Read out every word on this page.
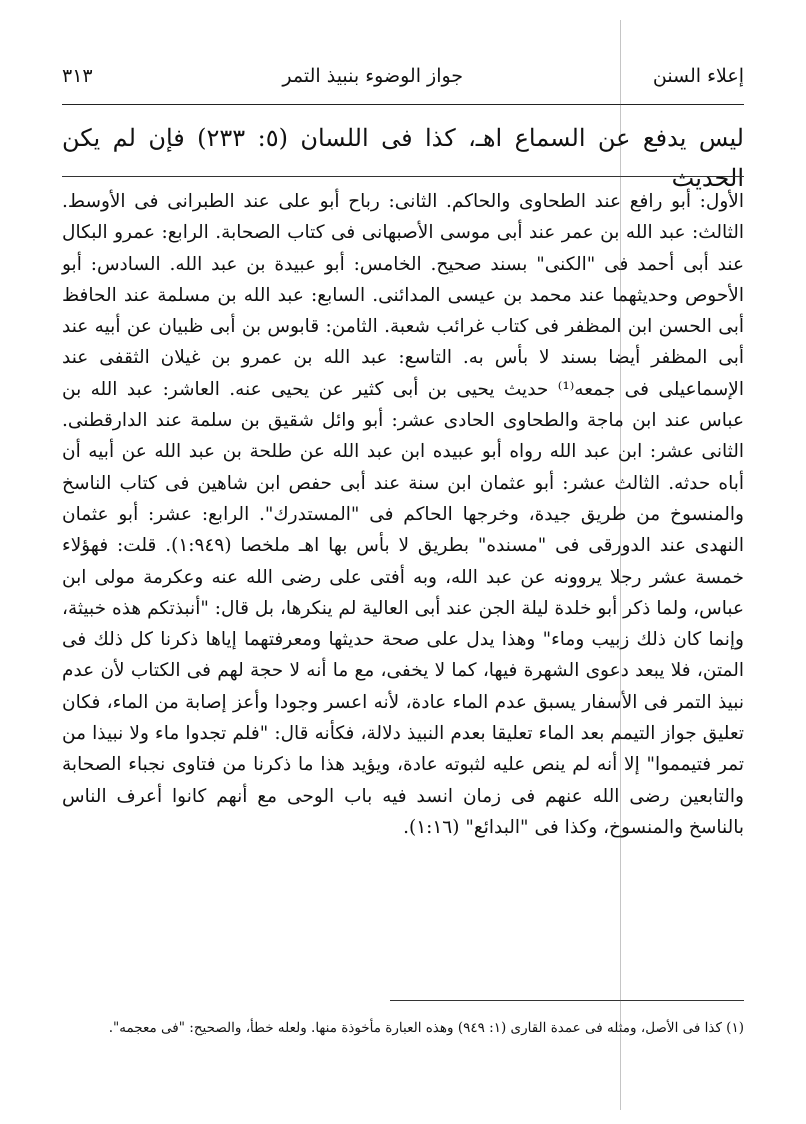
إعلاء السنن
جواز الوضوء بنبيذ التمر
٣١٣
ليس يدفع عن السماع اهـ، كذا فى اللسان (٥: ٢٣٣) فإن لم يكن الحديث

الأول: أبو رافع عند الطحاوى والحاكم. الثانى: رباح أبو على عند الطبرانى فى الأوسط. الثالث: عبد الله بن عمر عند أبى موسى الأصبهانى فى كتاب الصحابة. الرابع: عمرو البكال عند أبى أحمد فى "الكنى" بسند صحيح. الخامس: أبو عبيدة بن عبد الله. السادس: أبو الأحوص وحديثهما عند محمد بن عيسى المدائنى. السابع: عبد الله بن مسلمة عند الحافظ أبى الحسن ابن المظفر فى كتاب غرائب شعبة. الثامن: قابوس بن أبى ظبيان عن أبيه عند أبى المظفر أيضا بسند لا بأس به. التاسع: عبد الله بن عمرو بن غيلان الثقفى عند الإسماعيلى فى جمعه⁽¹⁾ حديث يحيى بن أبى كثير عن يحيى عنه. العاشر: عبد الله بن عباس عند ابن ماجة والطحاوى الحادى عشر: أبو وائل شقيق بن سلمة عند الدارقطنى. الثانى عشر: ابن عبد الله رواه أبو عبيده ابن عبد الله عن طلحة بن عبد الله عن أبيه أن أباه حدثه. الثالث عشر: أبو عثمان ابن سنة عند أبى حفص ابن شاهين فى كتاب الناسخ والمنسوخ من طريق جيدة، وخرجها الحاكم فى "المستدرك". الرابع: عشر: أبو عثمان النهدى عند الدورقى فى "مسنده" بطريق لا بأس بها اهـ ملخصا (١:٩٤٩). قلت: فهؤلاء خمسة عشر رجلا يروونه عن عبد الله، وبه أفتى على رضى الله عنه وعكرمة مولى ابن عباس، ولما ذكر أبو خلدة ليلة الجن عند أبى العالية لم ينكرها، بل قال: "أنبذتكم هذه خبيثة، وإنما كان ذلك زبيب وماء" وهذا يدل على صحة حديثها ومعرفتهما إياها ذكرنا كل ذلك فى المتن، فلا يبعد دعوى الشهرة فيها، كما لا يخفى، مع ما أنه لا حجة لهم فى الكتاب لأن عدم نبيذ التمر فى الأسفار يسبق عدم الماء عادة، لأنه اعسر وجودا وأعز إصابة من الماء، فكان تعليق جواز التيمم بعد الماء تعليقا بعدم النبيذ دلالة، فكأنه قال: "فلم تجدوا ماء ولا نبيذا من تمر فتيمموا" إلا أنه لم ينص عليه لثبوته عادة، ويؤيد هذا ما ذكرنا من فتاوى نجباء الصحابة والتابعين رضى الله عنهم فى زمان انسد فيه باب الوحى مع أنهم كانوا أعرف الناس بالناسخ والمنسوخ، وكذا فى "البدائع" (١:١٦).

(١) كذا فى الأصل، ومثله فى عمدة القارى (١: ٩٤٩) وهذه العبارة مأخوذة منها. ولعله خطأ، والصحيح: "فى معجمه".
